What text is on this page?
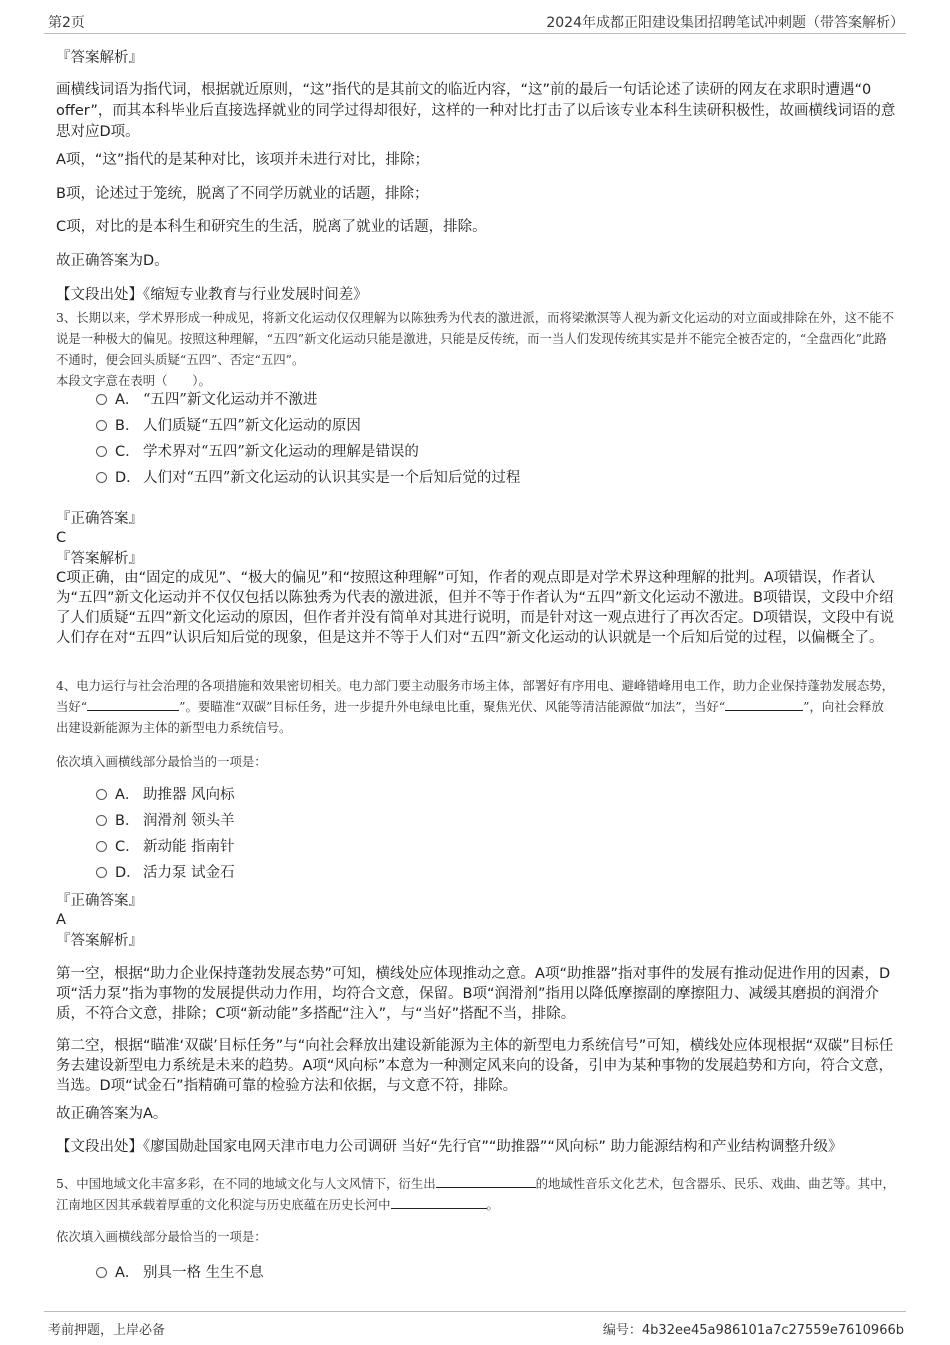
第2页	2024年成都正阳建设集团招聘笔试冲刺题（带答案解析）
『答案解析』
画横线词语为指代词，根据就近原则，“这”指代的是其前文的临近内容，“这”前的最后一句话论述了读研的网友在求职时遭遇“0 offer”，而其本科毕业后直接选择就业的同学过得却很好，这样的一种对比打击了以后该专业本科生读研积极性，故画横线词语的意思对应D项。
A项，“这”指代的是某种对比，该项并未进行对比，排除；
B项，论述过于笼统，脱离了不同学历就业的话题，排除；
C项，对比的是本科生和研究生的生活，脱离了就业的话题，排除。
故正确答案为D。
【文段出处】《缩短专业教育与行业发展时间差》
3、长期以来，学术界形成一种成见，将新文化运动仅仅理解为以陈独秀为代表的激进派，而将梁漱溟等人视为新文化运动的对立面或排除在外，这不能不说是一种极大的偏见。按照这种理解，“五四”新文化运动只能是激进，只能是反传统，而一当人们发现传统其实是并不能完全被否定的，“全盘西化”此路不通时，便会回头质疑“五四”、否定“五四”。
本段文字意在表明（　　）。
A． “五四”新文化运动并不激进
B． 人们质疑“五四”新文化运动的原因
C． 学术界对“五四”新文化运动的理解是错误的
D． 人们对“五四”新文化运动的认识其实是一个后知后觉的过程
『正确答案』
C
『答案解析』
C项正确，由“固定的成见”、“极大的偏见”和“按照这种理解”可知，作者的观点即是对学术界这种理解的批判。A项错误，作者认为“五四”新文化运动并不仅仅包括以陈独秀为代表的激进派，但并不等于作者认为“五四”新文化运动不激进。B项错误，文段中介绍了人们质疑“五四”新文化运动的原因，但作者并没有简单对其进行说明，而是针对这一观点进行了再次否定。D项错误，文段中有说人们存在对“五四”认识后知后觉的现象，但是这并不等于人们对“五四”新文化运动的认识就是一个后知后觉的过程，以偏概全了。
4、电力运行与社会治理的各项措施和效果密切相关。电力部门要主动服务市场主体，部署好有序用电、避峰错峰用电工作，助力企业保持蓬勃发展态势，当好“	”。要瞄准“双碳”目标任务，进一步提升外电绿电比重，聚焦光伏、风能等清洁能源做“加法”，当好“	”，向社会释放出建设新能源为主体的新型电力系统信号。
依次填入画横线部分最恰当的一项是：
A． 助推器 风向标
B． 润滑剂 领头羊
C． 新动能 指南针
D． 活力泵 试金石
『正确答案』
A
『答案解析』
第一空，根据“助力企业保持蓬勃发展态势”可知，横线处应体现推动之意。A项“助推器”指对事件的发展有推动促进作用的因素，D项“活力泵”指为事物的发展提供动力作用，均符合文意，保留。B项“润滑剂”指用以降低摩擦副的摩擦阻力、减缓其磨损的润滑介质，不符合文意，排除；C项“新动能”多搭配“注入”，与“当好”搭配不当，排除。
第二空，根据“瞄准‘双碳’目标任务”与“向社会释放出建设新能源为主体的新型电力系统信号”可知，横线处应体现根据“双碳”目标任务去建设新型电力系统是未来的趋势。A项“风向标”本意为一种测定风来向的设备，引申为某种事物的发展趋势和方向，符合文意，当选。D项“试金石”指精确可靠的检验方法和依据，与文意不符，排除。
故正确答案为A。
【文段出处】《廖国勋赴国家电网天津市电力公司调研 当好“先行官”“助推器”“风向标” 助力能源结构和产业结构调整升级》
5、中国地域文化丰富多彩，在不同的地域文化与人文风情下，衍生出	的地域性音乐文化艺术，包含器乐、民乐、戏曲、曲艺等。其中，江南地区因其承载着厚重的文化积淀与历史底蕴在历史长河中	。
依次填入画横线部分最恰当的一项是：
A． 别具一格 生生不息
考前押题，上岸必备	编号：4b32ee45a986101a7c27559e7610966b
